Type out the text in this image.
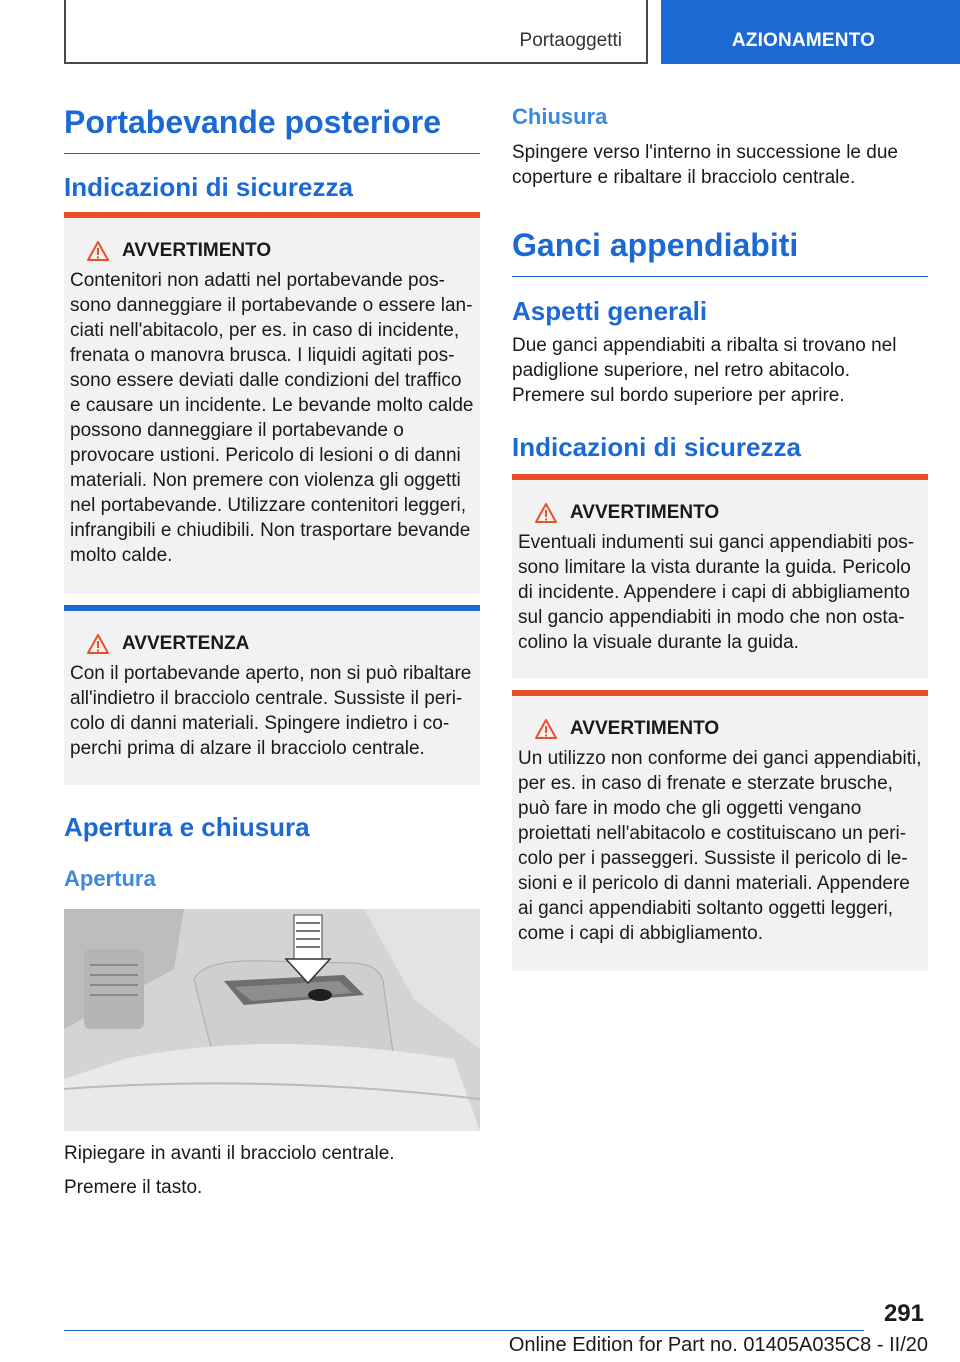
Portaoggetti	AZIONAMENTO
Portabevande posteriore
Indicazioni di sicurezza
AVVERTIMENTO

Contenitori non adatti nel portabevande possono danneggiare il portabevande o essere lanciati nell'abitacolo, per es. in caso di incidente, frenata o manovra brusca. I liquidi agitati possono essere deviati dalle condizioni del traffico e causare un incidente. Le bevande molto calde possono danneggiare il portabevande o provocare ustioni. Pericolo di lesioni o di danni materiali. Non premere con violenza gli oggetti nel portabevande. Utilizzare contenitori leggeri, infrangibili e chiudibili. Non trasportare bevande molto calde.

AVVERTENZA

Con il portabevande aperto, non si può ribaltare all'indietro il bracciolo centrale. Sussiste il pericolo di danni materiali. Spingere indietro i coperchi prima di alzare il bracciolo centrale.

Apertura e chiusura
Apertura

Ripiegare in avanti il bracciolo centrale.

Premere il tasto.

Chiusura

Spingere verso l'interno in successione le due coperture e ribaltare il bracciolo centrale.

Ganci appendiabiti
Aspetti generali

Due ganci appendiabiti a ribalta si trovano nel padiglione superiore, nel retro abitacolo. Premere sul bordo superiore per aprire.

Indicazioni di sicurezza
AVVERTIMENTO

Eventuali indumenti sui ganci appendiabiti possono limitare la vista durante la guida. Pericolo di incidente. Appendere i capi di abbigliamento sul gancio appendiabiti in modo che non ostacolino la visuale durante la guida.

AVVERTIMENTO

Un utilizzo non conforme dei ganci appendiabiti, per es. in caso di frenate e sterzate brusche, può fare in modo che gli oggetti vengano proiettati nell'abitacolo e costituiscano un pericolo per i passeggeri. Sussiste il pericolo di lesioni e il pericolo di danni materiali. Appendere ai ganci appendiabiti soltanto oggetti leggeri, come i capi di abbigliamento.

291
Online Edition for Part no. 01405A035C8 - II/20
